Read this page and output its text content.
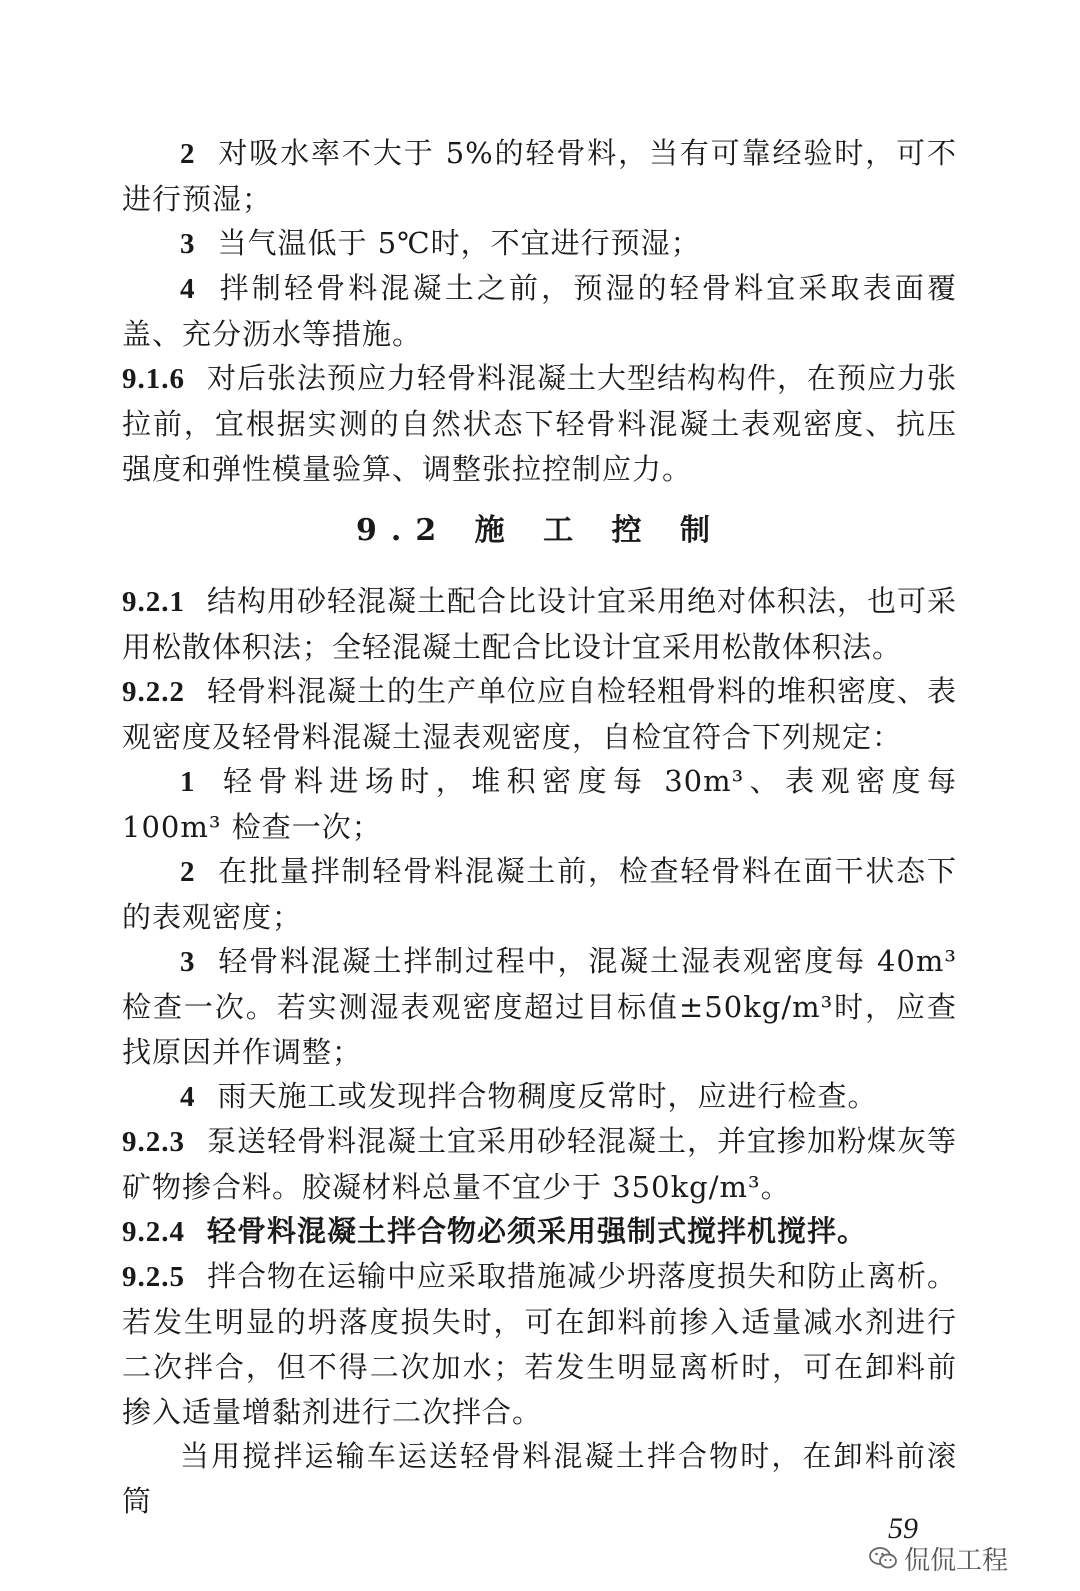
2 对吸水率不大于 5%的轻骨料，当有可靠经验时，可不进行预湿；

3 当气温低于 5℃时，不宜进行预湿；

4 拌制轻骨料混凝土之前，预湿的轻骨料宜采取表面覆盖、充分沥水等措施。

9.1.6 对后张法预应力轻骨料混凝土大型结构构件，在预应力张拉前，宜根据实测的自然状态下轻骨料混凝土表观密度、抗压强度和弹性模量验算、调整张拉控制应力。

9.2 施 工 控 制

9.2.1 结构用砂轻混凝土配合比设计宜采用绝对体积法，也可采用松散体积法；全轻混凝土配合比设计宜采用松散体积法。

9.2.2 轻骨料混凝土的生产单位应自检轻粗骨料的堆积密度、表观密度及轻骨料混凝土湿表观密度，自检宜符合下列规定：

1 轻骨料进场时，堆积密度每 30m³、表观密度每 100m³ 检查一次；

2 在批量拌制轻骨料混凝土前，检查轻骨料在面干状态下的表观密度；

3 轻骨料混凝土拌制过程中，混凝土湿表观密度每 40m³ 检查一次。若实测湿表观密度超过目标值±50kg/m³时，应查找原因并作调整；

4 雨天施工或发现拌合物稠度反常时，应进行检查。

9.2.3 泵送轻骨料混凝土宜采用砂轻混凝土，并宜掺加粉煤灰等矿物掺合料。胶凝材料总量不宜少于 350kg/m³。

9.2.4 轻骨料混凝土拌合物必须采用强制式搅拌机搅拌。

9.2.5 拌合物在运输中应采取措施减少坍落度损失和防止离析。若发生明显的坍落度损失时，可在卸料前掺入适量减水剂进行二次拌合，但不得二次加水；若发生明显离析时，可在卸料前掺入适量增黏剂进行二次拌合。

当用搅拌运输车运送轻骨料混凝土拌合物时，在卸料前滚筒

59
侃侃工程
